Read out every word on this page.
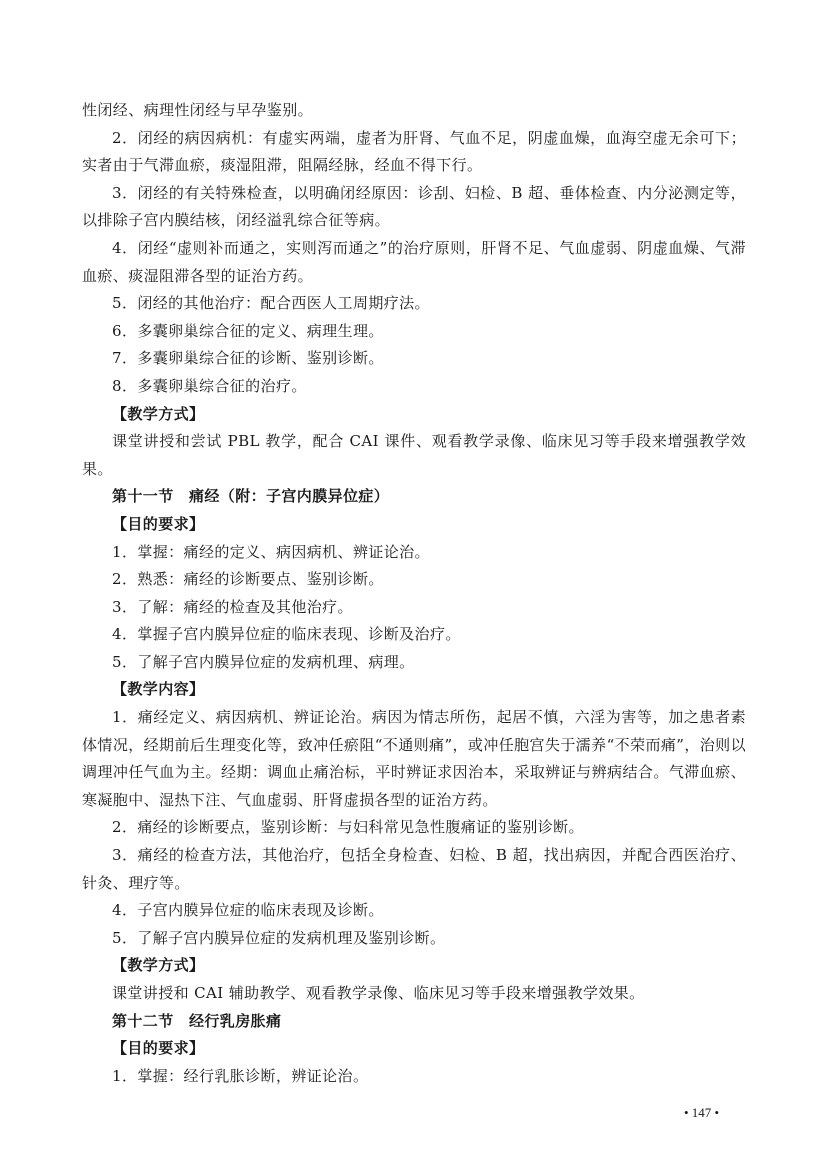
性闭经、病理性闭经与早孕鉴别。

2．闭经的病因病机：有虚实两端，虚者为肝肾、气血不足，阴虚血燥，血海空虚无余可下；实者由于气滞血瘀，痰湿阻滞，阻隔经脉，经血不得下行。

3．闭经的有关特殊检查，以明确闭经原因：诊刮、妇检、B 超、垂体检查、内分泌测定等，以排除子宫内膜结核，闭经溢乳综合征等病。

4．闭经“虚则补而通之，实则泻而通之”的治疗原则，肝肾不足、气血虚弱、阴虚血燥、气滞血瘀、痰湿阻滞各型的证治方药。

5．闭经的其他治疗：配合西医人工周期疗法。

6．多囊卵巢综合征的定义、病理生理。

7．多囊卵巢综合征的诊断、鉴别诊断。

8．多囊卵巢综合征的治疗。

【教学方式】

课堂讲授和尝试 PBL 教学，配合 CAI 课件、观看教学录像、临床见习等手段来增强教学效果。

第十一节　痛经（附：子宫内膜异位症）

【目的要求】

1．掌握：痛经的定义、病因病机、辨证论治。

2．熟悉：痛经的诊断要点、鉴别诊断。

3．了解：痛经的检查及其他治疗。

4．掌握子宫内膜异位症的临床表现、诊断及治疗。

5．了解子宫内膜异位症的发病机理、病理。

【教学内容】

1．痛经定义、病因病机、辨证论治。病因为情志所伤，起居不慎，六淫为害等，加之患者素体情况，经期前后生理变化等，致冲任瘀阻“不通则痛”，或冲任胞宫失于濡养“不荣而痛”，治则以调理冲任气血为主。经期：调血止痛治标，平时辨证求因治本，采取辨证与辨病结合。气滞血瘀、寒凝胞中、湿热下注、气血虚弱、肝肾虚损各型的证治方药。

2．痛经的诊断要点，鉴别诊断：与妇科常见急性腹痛证的鉴别诊断。

3．痛经的检查方法，其他治疗，包括全身检查、妇检、B 超，找出病因，并配合西医治疗、针灸、理疗等。

4．子宫内膜异位症的临床表现及诊断。

5．了解子宫内膜异位症的发病机理及鉴别诊断。

【教学方式】

课堂讲授和 CAI 辅助教学、观看教学录像、临床见习等手段来增强教学效果。

第十二节　经行乳房胀痛

【目的要求】

1．掌握：经行乳胀诊断，辨证论治。

• 147 •
